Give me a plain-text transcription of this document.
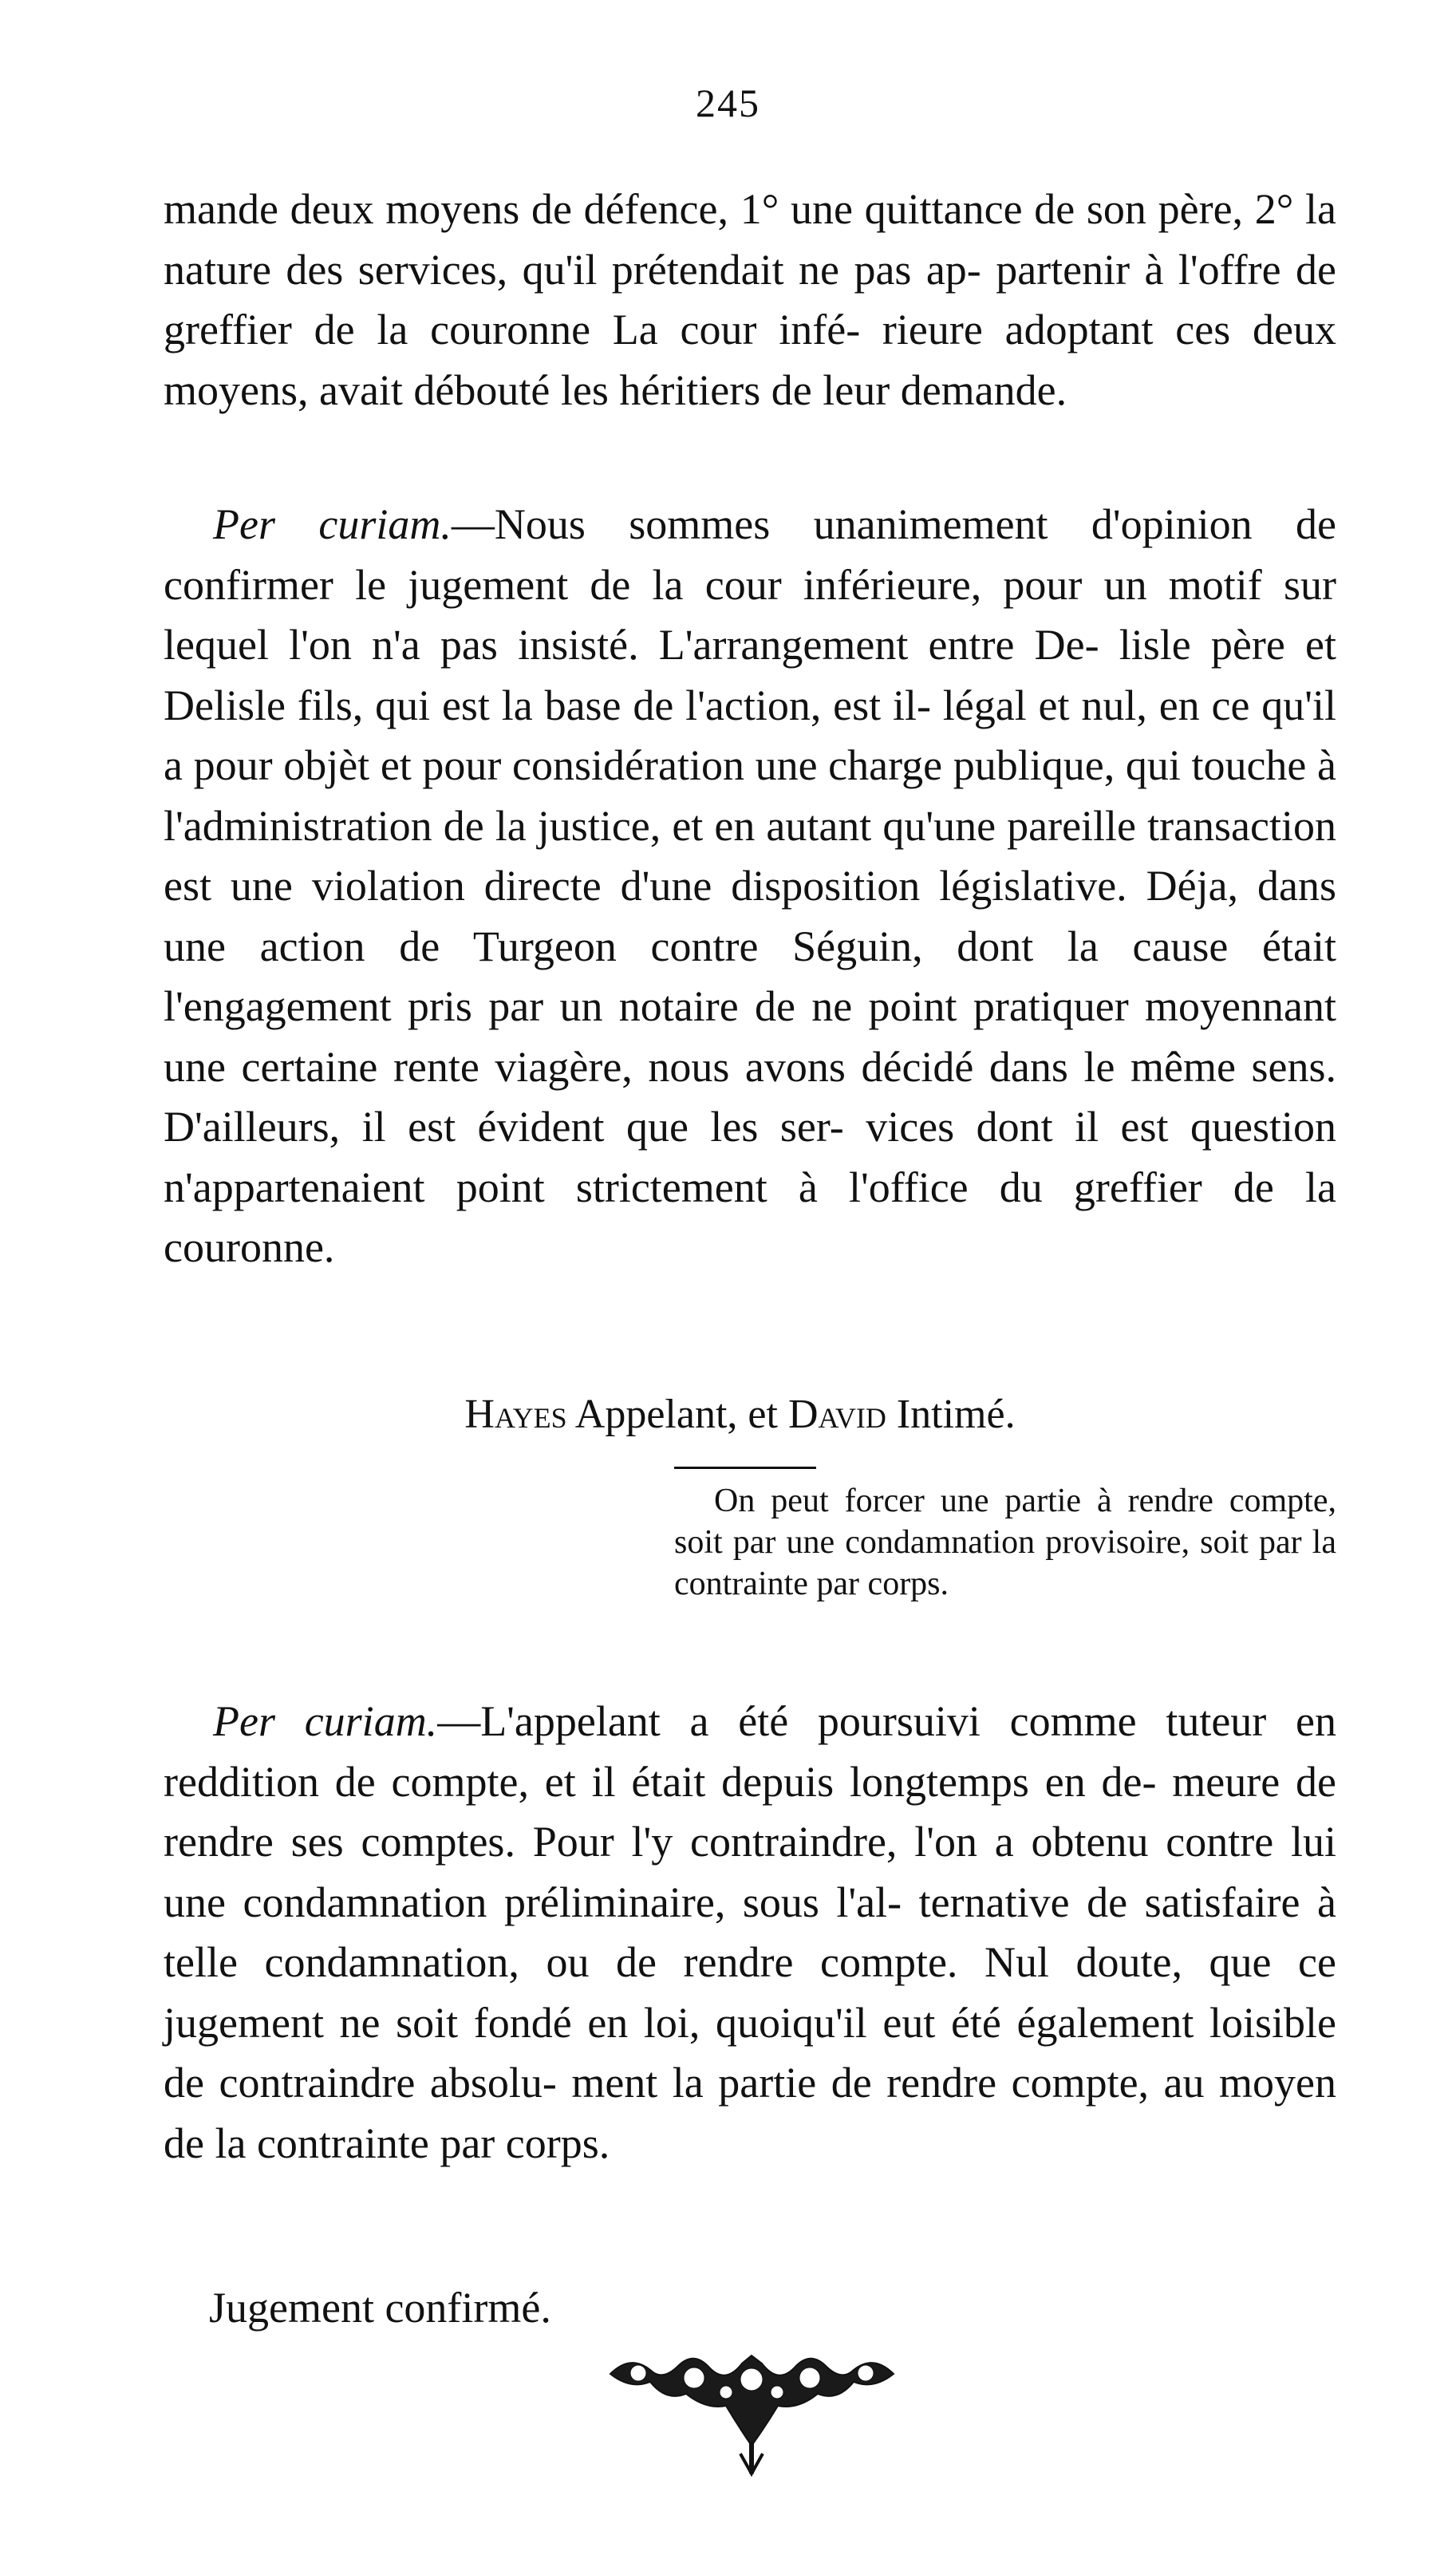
245

mande deux moyens de défence, 1° une quittance de son père, 2° la nature des services, qu'il prétendait ne pas ap- partenir à l'offre de greffier de la couronne La cour infé- rieure adoptant ces deux moyens, avait débouté les héritiers de leur demande.

Per curiam.—Nous sommes unanimement d'opinion de confirmer le jugement de la cour inférieure, pour un motif sur lequel l'on n'a pas insisté. L'arrangement entre De- lisle père et Delisle fils, qui est la base de l'action, est il- légal et nul, en ce qu'il a pour objèt et pour considération une charge publique, qui touche à l'administration de la justice, et en autant qu'une pareille transaction est une violation directe d'une disposition législative. Déja, dans une action de Turgeon contre Séguin, dont la cause était l'engagement pris par un notaire de ne point pratiquer moyennant une certaine rente viagère, nous avons décidé dans le même sens. D'ailleurs, il est évident que les ser- vices dont il est question n'appartenaient point strictement à l'office du greffier de la couronne.

Hayes Appelant, et David Intimé.

On peut forcer une partie à rendre compte, soit par une condamnation provisoire, soit par la contrainte par corps.

Per curiam.—L'appelant a été poursuivi comme tuteur en reddition de compte, et il était depuis longtemps en de- meure de rendre ses comptes. Pour l'y contraindre, l'on a obtenu contre lui une condamnation préliminaire, sous l'al- ternative de satisfaire à telle condamnation, ou de rendre compte. Nul doute, que ce jugement ne soit fondé en loi, quoiqu'il eut été également loisible de contraindre absolu- ment la partie de rendre compte, au moyen de la contrainte par corps.

Jugement confirmé.
